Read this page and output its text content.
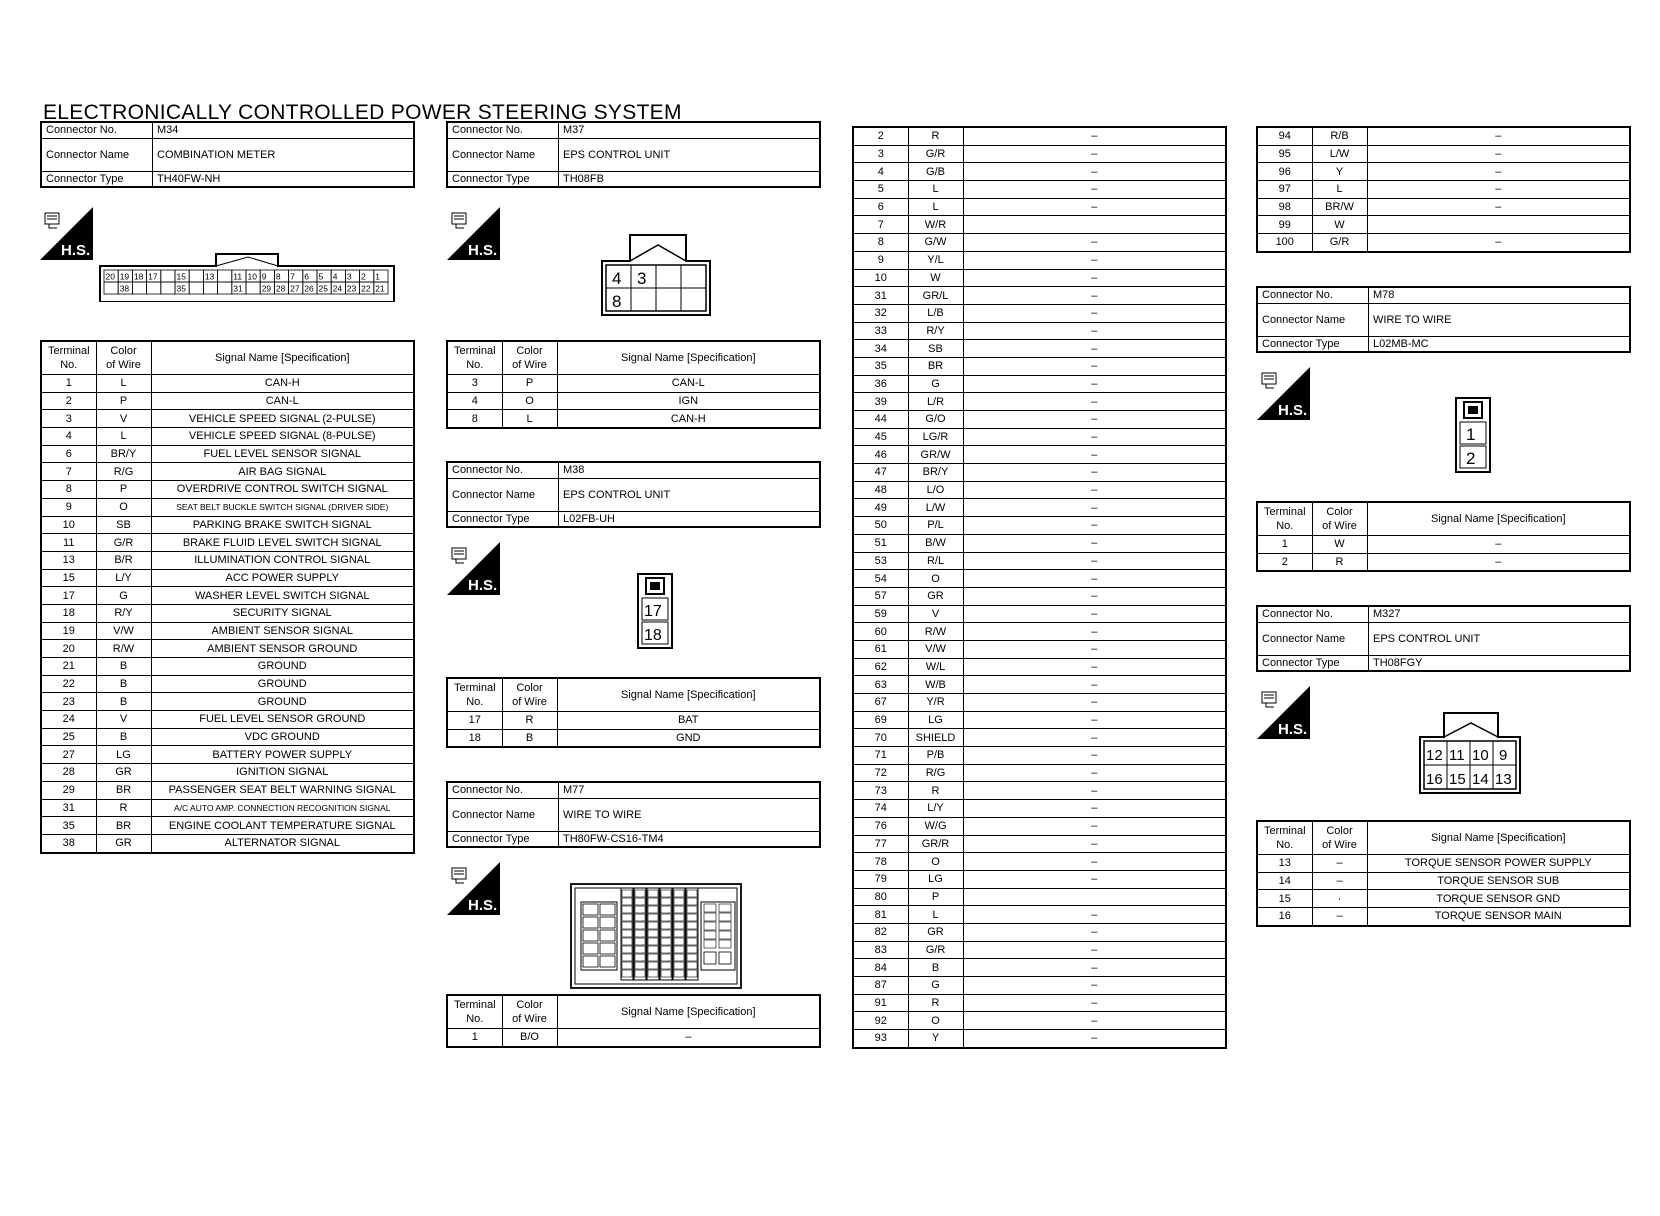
ELECTRONICALLY CONTROLLED POWER STEERING SYSTEM
Connector No.	M34
Connector Name	COMBINATION METER
Connector Type	TH40FW-NH
H.S.
20 19 18 17 15 13 11 10 9 8 7 6 5 4 3 2 1
38	35	31 29 28 27 26 25 24 23 22 21
Terminal
No.	Color
of Wire	Signal Name [Specification]
1	L	CAN-H
2	P	CAN-L
3	V	VEHICLE SPEED SIGNAL (2-PULSE)
4	L	VEHICLE SPEED SIGNAL (8-PULSE)
6	BR/Y	FUEL LEVEL SENSOR SIGNAL
7	R/G	AIR BAG SIGNAL
8	P	OVERDRIVE CONTROL SWITCH SIGNAL
9	O	SEAT BELT BUCKLE SWITCH SIGNAL (DRIVER SIDE)
10	SB	PARKING BRAKE SWITCH SIGNAL
11	G/R	BRAKE FLUID LEVEL SWITCH SIGNAL
13	B/R	ILLUMINATION CONTROL SIGNAL
15	L/Y	ACC POWER SUPPLY
17	G	WASHER LEVEL SWITCH SIGNAL
18	R/Y	SECURITY SIGNAL
19	V/W	AMBIENT SENSOR SIGNAL
20	R/W	AMBIENT SENSOR GROUND
21	B	GROUND
22	B	GROUND
23	B	GROUND
24	V	FUEL LEVEL SENSOR GROUND
25	B	VDC GROUND
27	LG	BATTERY POWER SUPPLY
28	GR	IGNITION SIGNAL
29	BR	PASSENGER SEAT BELT WARNING SIGNAL
31	R	A/C AUTO AMP. CONNECTION RECOGNITION SIGNAL
35	BR	ENGINE COOLANT TEMPERATURE SIGNAL
38	GR	ALTERNATOR SIGNAL
Connector No.	M37
Connector Name	EPS CONTROL UNIT
Connector Type	TH08FB
H.S.
4 3
8
Terminal
No.	Color
of Wire	Signal Name [Specification]
3	P	CAN-L
4	O	IGN
8	L	CAN-H
Connector No.	M38
Connector Name	EPS CONTROL UNIT
Connector Type	L02FB-UH
H.S.
17
18
Terminal
No.	Color
of Wire	Signal Name [Specification]
17	R	BAT
18	B	GND
Connector No.	M77
Connector Name	WIRE TO WIRE
Connector Type	TH80FW-CS16-TM4
H.S.
Terminal
No.	Color
of Wire	Signal Name [Specification]
1	B/O	–
2	R	–
3	G/R	–
4	G/B	–
5	L	–
6	L	–
7	W/R	
8	G/W	–
9	Y/L	–
10	W	–
31	GR/L	–
32	L/B	–
33	R/Y	–
34	SB	–
35	BR	–
36	G	–
39	L/R	–
44	G/O	–
45	LG/R	–
46	GR/W	–
47	BR/Y	–
48	L/O	–
49	L/W	–
50	P/L	–
51	B/W	–
53	R/L	–
54	O	–
57	GR	–
59	V	–
60	R/W	–
61	V/W	–
62	W/L	–
63	W/B	–
67	Y/R	–
69	LG	–
70	SHIELD	–
71	P/B	–
72	R/G	–
73	R	–
74	L/Y	–
76	W/G	–
77	GR/R	–
78	O	–
79	LG	–
80	P	
81	L	–
82	GR	–
83	G/R	–
84	B	–
87	G	–
91	R	–
92	O	–
93	Y	–
94	R/B	–
95	L/W	–
96	Y	–
97	L	–
98	BR/W	–
99	W	
100	G/R	–
Connector No.	M78
Connector Name	WIRE TO WIRE
Connector Type	L02MB-MC
H.S.
1
2
Terminal
No.	Color
of Wire	Signal Name [Specification]
1	W	–
2	R	–
Connector No.	M327
Connector Name	EPS CONTROL UNIT
Connector Type	TH08FGY
H.S.
12 11 10 9
16 15 14 13
Terminal
No.	Color
of Wire	Signal Name [Specification]
13	–	TORQUE SENSOR POWER SUPPLY
14	–	TORQUE SENSOR SUB
15	·	TORQUE SENSOR GND
16	–	TORQUE SENSOR MAIN
